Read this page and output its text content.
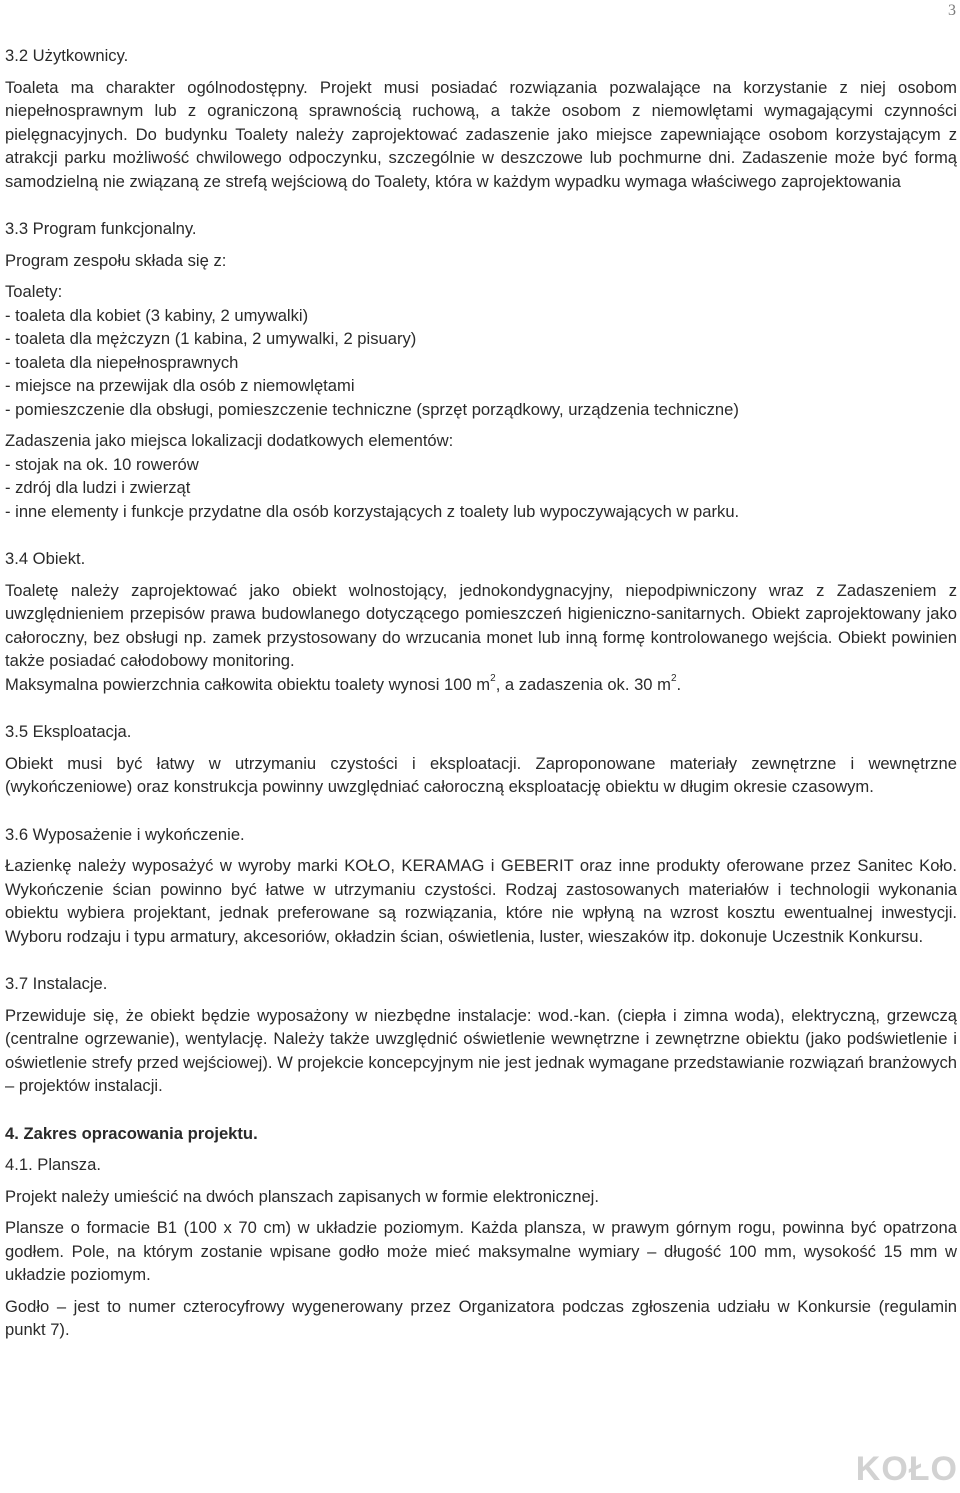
3
3.2 Użytkownicy.

Toaleta ma charakter ogólnodostępny. Projekt musi posiadać rozwiązania pozwalające na korzystanie z niej osobom niepełnosprawnym lub z ograniczoną sprawnością ruchową, a także osobom z niemowlętami wymagającymi czynności pielęgnacyjnych. Do budynku Toalety należy zaprojektować zadaszenie jako miejsce zapewniające osobom korzystającym z atrakcji parku możliwość chwilowego odpoczynku, szczególnie w deszczowe lub pochmurne dni. Zadaszenie może być formą samodzielną nie związaną ze strefą wejściową do Toalety, która w każdym wypadku wymaga właściwego zaprojektowania

3.3 Program funkcjonalny.

Program zespołu składa się z:

Toalety:

- toaleta dla kobiet (3 kabiny, 2 umywalki)
- toaleta dla mężczyzn (1 kabina, 2 umywalki, 2 pisuary)
- toaleta dla niepełnosprawnych
- miejsce na przewijak dla osób z niemowlętami
- pomieszczenie dla obsługi, pomieszczenie techniczne (sprzęt porządkowy, urządzenia techniczne)

Zadaszenia jako miejsca lokalizacji dodatkowych elementów:

- stojak na ok. 10 rowerów
- zdrój dla ludzi i zwierząt
- inne elementy i funkcje przydatne dla osób korzystających z toalety lub wypoczywających w parku.
3.4 Obiekt.

Toaletę należy zaprojektować jako obiekt wolnostojący, jednokondygnacyjny, niepodpiwniczony wraz z Zadaszeniem z uwzględnieniem przepisów prawa budowlanego dotyczącego pomieszczeń higieniczno-sanitarnych. Obiekt zaprojektowany jako całoroczny, bez obsługi np. zamek przystosowany do wrzucania monet lub inną formę kontrolowanego wejścia. Obiekt powinien także posiadać całodobowy monitoring.

Maksymalna powierzchnia całkowita obiektu toalety wynosi 100 $m^2$, a zadaszenia ok. 30 $m^2$.

3.5 Eksploatacja.

Obiekt musi być łatwy w utrzymaniu czystości i eksploatacji. Zaproponowane materiały zewnętrzne i wewnętrzne (wykończeniowe) oraz konstrukcja powinny uwzględniać całoroczną eksploatację obiektu w długim okresie czasowym.

3.6 Wyposażenie i wykończenie.

Łazienkę należy wyposażyć w wyroby marki KOŁO, KERAMAG i GEBERIT oraz inne produkty oferowane przez Sanitec Koło. Wykończenie ścian powinno być łatwe w utrzymaniu czystości. Rodzaj zastosowanych materiałów i technologii wykonania obiektu wybiera projektant, jednak preferowane są rozwiązania, które nie wpłyną na wzrost kosztu ewentualnej inwestycji. Wyboru rodzaju i typu armatury, akcesoriów, okładzin ścian, oświetlenia, luster, wieszaków itp. dokonuje Uczestnik Konkursu.

3.7 Instalacje.

Przewiduje się, że obiekt będzie wyposażony w niezbędne instalacje: wod.-kan. (ciepła i zimna woda), elektryczną, grzewczą (centralne ogrzewanie), wentylację. Należy także uwzględnić oświetlenie wewnętrzne i zewnętrzne obiektu (jako podświetlenie i oświetlenie strefy przed wejściowej). W projekcie koncepcyjnym nie jest jednak wymagane przedstawianie rozwiązań branżowych – projektów instalacji.

4. Zakres opracowania projektu.
4.1. Plansza.

Projekt należy umieścić na dwóch planszach zapisanych w formie elektronicznej.

Plansze o formacie B1 (100 x 70 cm) w układzie poziomym. Każda plansza, w prawym górnym rogu, powinna być opatrzona godłem. Pole, na którym zostanie wpisane godło może mieć maksymalne wymiary – długość 100 mm, wysokość 15 mm w układzie poziomym.

Godło – jest to numer czterocyfrowy wygenerowany przez Organizatora podczas zgłoszenia udziału w Konkursie (regulamin punkt 7).

KOŁO
